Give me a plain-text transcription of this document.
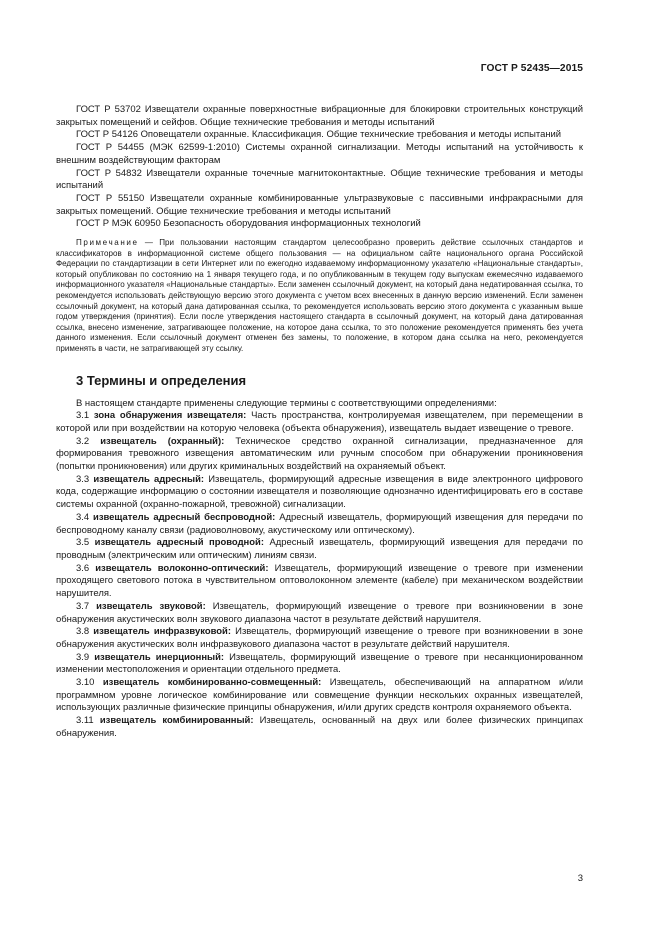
ГОСТ Р 52435—2015

ГОСТ Р 53702 Извещатели охранные поверхностные вибрационные для блокировки строительных конструкций закрытых помещений и сейфов. Общие технические требования и методы испытаний

ГОСТ Р 54126 Оповещатели охранные. Классификация. Общие технические требования и методы испытаний

ГОСТ Р 54455 (МЭК 62599-1:2010) Системы охранной сигнализации. Методы испытаний на устойчивость к внешним воздействующим факторам

ГОСТ Р 54832 Извещатели охранные точечные магнитоконтактные. Общие технические требования и методы испытаний

ГОСТ Р 55150 Извещатели охранные комбинированные ультразвуковые с пассивными инфракрасными для закрытых помещений. Общие технические требования и методы испытаний

ГОСТ Р МЭК 60950 Безопасность оборудования информационных технологий

Примечание — При пользовании настоящим стандартом целесообразно проверить действие ссылочных стандартов и классификаторов в информационной системе общего пользования — на официальном сайте национального органа Российской Федерации по стандартизации в сети Интернет или по ежегодно издаваемому информационному указателю «Национальные стандарты», который опубликован по состоянию на 1 января текущего года, и по опубликованным в текущем году выпускам ежемесячно издаваемого информационного указателя «Национальные стандарты». Если заменен ссылочный документ, на который дана недатированная ссылка, то рекомендуется использовать действующую версию этого документа с учетом всех внесенных в данную версию изменений. Если заменен ссылочный документ, на который дана датированная ссылка, то рекомендуется использовать версию этого документа с указанным выше годом утверждения (принятия). Если после утверждения настоящего стандарта в ссылочный документ, на который дана датированная ссылка, внесено изменение, затрагивающее положение, на которое дана ссылка, то это положение рекомендуется применять без учета данного изменения. Если ссылочный документ отменен без замены, то положение, в котором дана ссылка на него, рекомендуется применять в части, не затрагивающей эту ссылку.

3 Термины и определения

В настоящем стандарте применены следующие термины с соответствующими определениями:

3.1 зона обнаружения извещателя: Часть пространства, контролируемая извещателем, при перемещении в которой или при воздействии на которую человека (объекта обнаружения), извещатель выдает извещение о тревоге.

3.2 извещатель (охранный): Техническое средство охранной сигнализации, предназначенное для формирования тревожного извещения автоматическим или ручным способом при обнаружении проникновения (попытки проникновения) или других криминальных воздействий на охраняемый объект.

3.3 извещатель адресный: Извещатель, формирующий адресные извещения в виде электронного цифрового кода, содержащие информацию о состоянии извещателя и позволяющие однозначно идентифицировать его в составе системы охранной (охранно-пожарной, тревожной) сигнализации.

3.4 извещатель адресный беспроводной: Адресный извещатель, формирующий извещения для передачи по беспроводному каналу связи (радиоволновому, акустическому или оптическому).

3.5 извещатель адресный проводной: Адресный извещатель, формирующий извещения для передачи по проводным (электрическим или оптическим) линиям связи.

3.6 извещатель волоконно-оптический: Извещатель, формирующий извещение о тревоге при изменении проходящего светового потока в чувствительном оптоволоконном элементе (кабеле) при механическом воздействии нарушителя.

3.7 извещатель звуковой: Извещатель, формирующий извещение о тревоге при возникновении в зоне обнаружения акустических волн звукового диапазона частот в результате действий нарушителя.

3.8 извещатель инфразвуковой: Извещатель, формирующий извещение о тревоге при возникновении в зоне обнаружения акустических волн инфразвукового диапазона частот в результате действий нарушителя.

3.9 извещатель инерционный: Извещатель, формирующий извещение о тревоге при несанкционированном изменении местоположения и ориентации отдельного предмета.

3.10 извещатель комбинированно-совмещенный: Извещатель, обеспечивающий на аппаратном и/или программном уровне логическое комбинирование или совмещение функции нескольких охранных извещателей, использующих различные физические принципы обнаружения, и/или других средств контроля охраняемого объекта.

3.11 извещатель комбинированный: Извещатель, основанный на двух или более физических принципах обнаружения.

3
